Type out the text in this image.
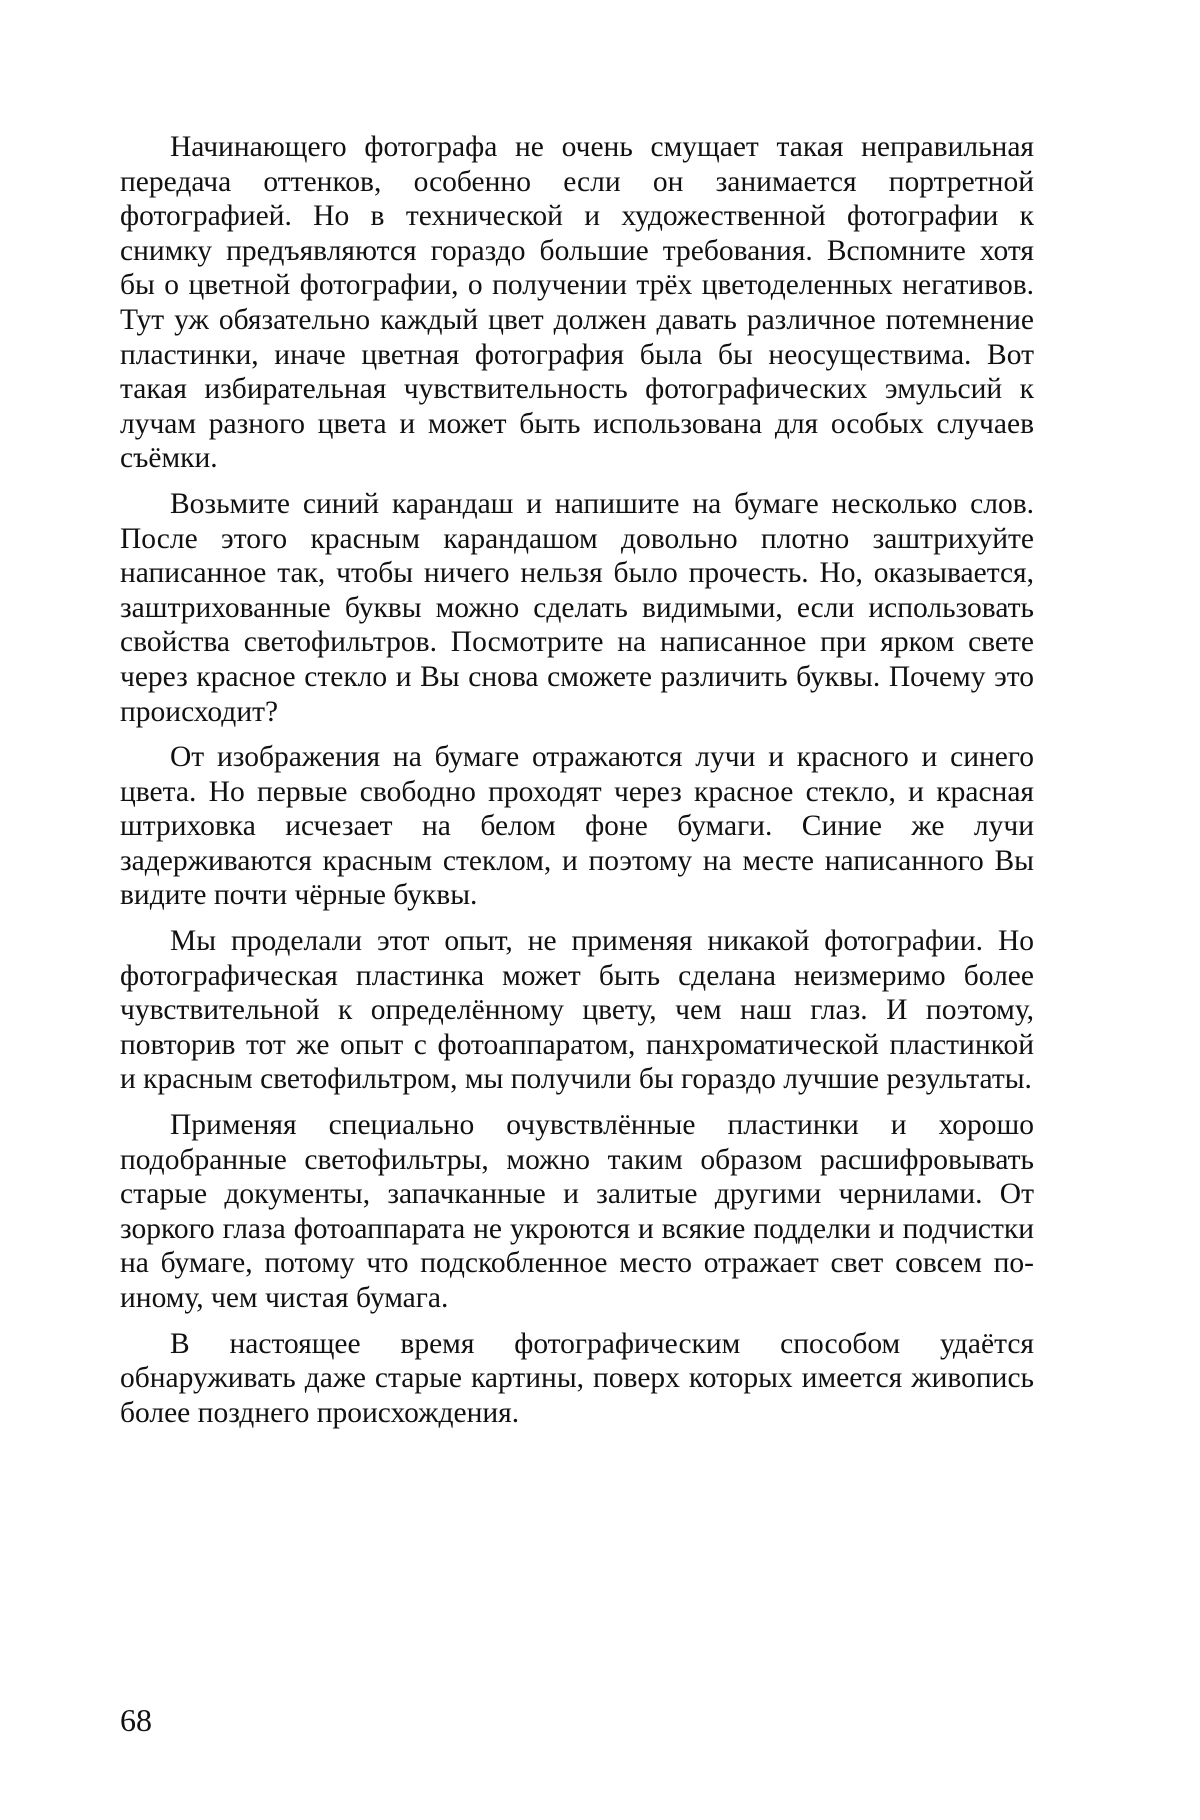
Начинающего фотографа не очень смущает такая неправильная передача оттенков, особенно если он занимается портретной фотографией. Но в технической и художественной фотографии к снимку предъявляются гораздо большие требования. Вспомните хотя бы о цветной фотографии, о получении трёх цветоделенных негативов. Тут уж обязательно каждый цвет должен давать различное потемнение пластинки, иначе цветная фотография была бы неосуществима. Вот такая избирательная чувствительность фотографических эмульсий к лучам разного цвета и может быть использована для особых случаев съёмки.

Возьмите синий карандаш и напишите на бумаге несколько слов. После этого красным карандашом довольно плотно заштрихуйте написанное так, чтобы ничего нельзя было прочесть. Но, оказывается, заштрихованные буквы можно сделать видимыми, если использовать свойства светофильтров. Посмотрите на написанное при ярком свете через красное стекло и Вы снова сможете различить буквы. Почему это происходит?

От изображения на бумаге отражаются лучи и красного и синего цвета. Но первые свободно проходят через красное стекло, и красная штриховка исчезает на белом фоне бумаги. Синие же лучи задерживаются красным стеклом, и поэтому на месте написанного Вы видите почти чёрные буквы.

Мы проделали этот опыт, не применяя никакой фотографии. Но фотографическая пластинка может быть сделана неизмеримо более чувствительной к определённому цвету, чем наш глаз. И поэтому, повторив тот же опыт с фотоаппаратом, панхроматической пластинкой и красным светофильтром, мы получили бы гораздо лучшие результаты.

Применяя специально очувствлённые пластинки и хорошо подобранные светофильтры, можно таким образом расшифровывать старые документы, запачканные и залитые другими чернилами. От зоркого глаза фотоаппарата не укроются и всякие подделки и подчистки на бумаге, потому что подскобленное место отражает свет совсем по-иному, чем чистая бумага.

В настоящее время фотографическим способом удаётся обнаруживать даже старые картины, поверх которых имеется живопись более позднего происхождения.

68
